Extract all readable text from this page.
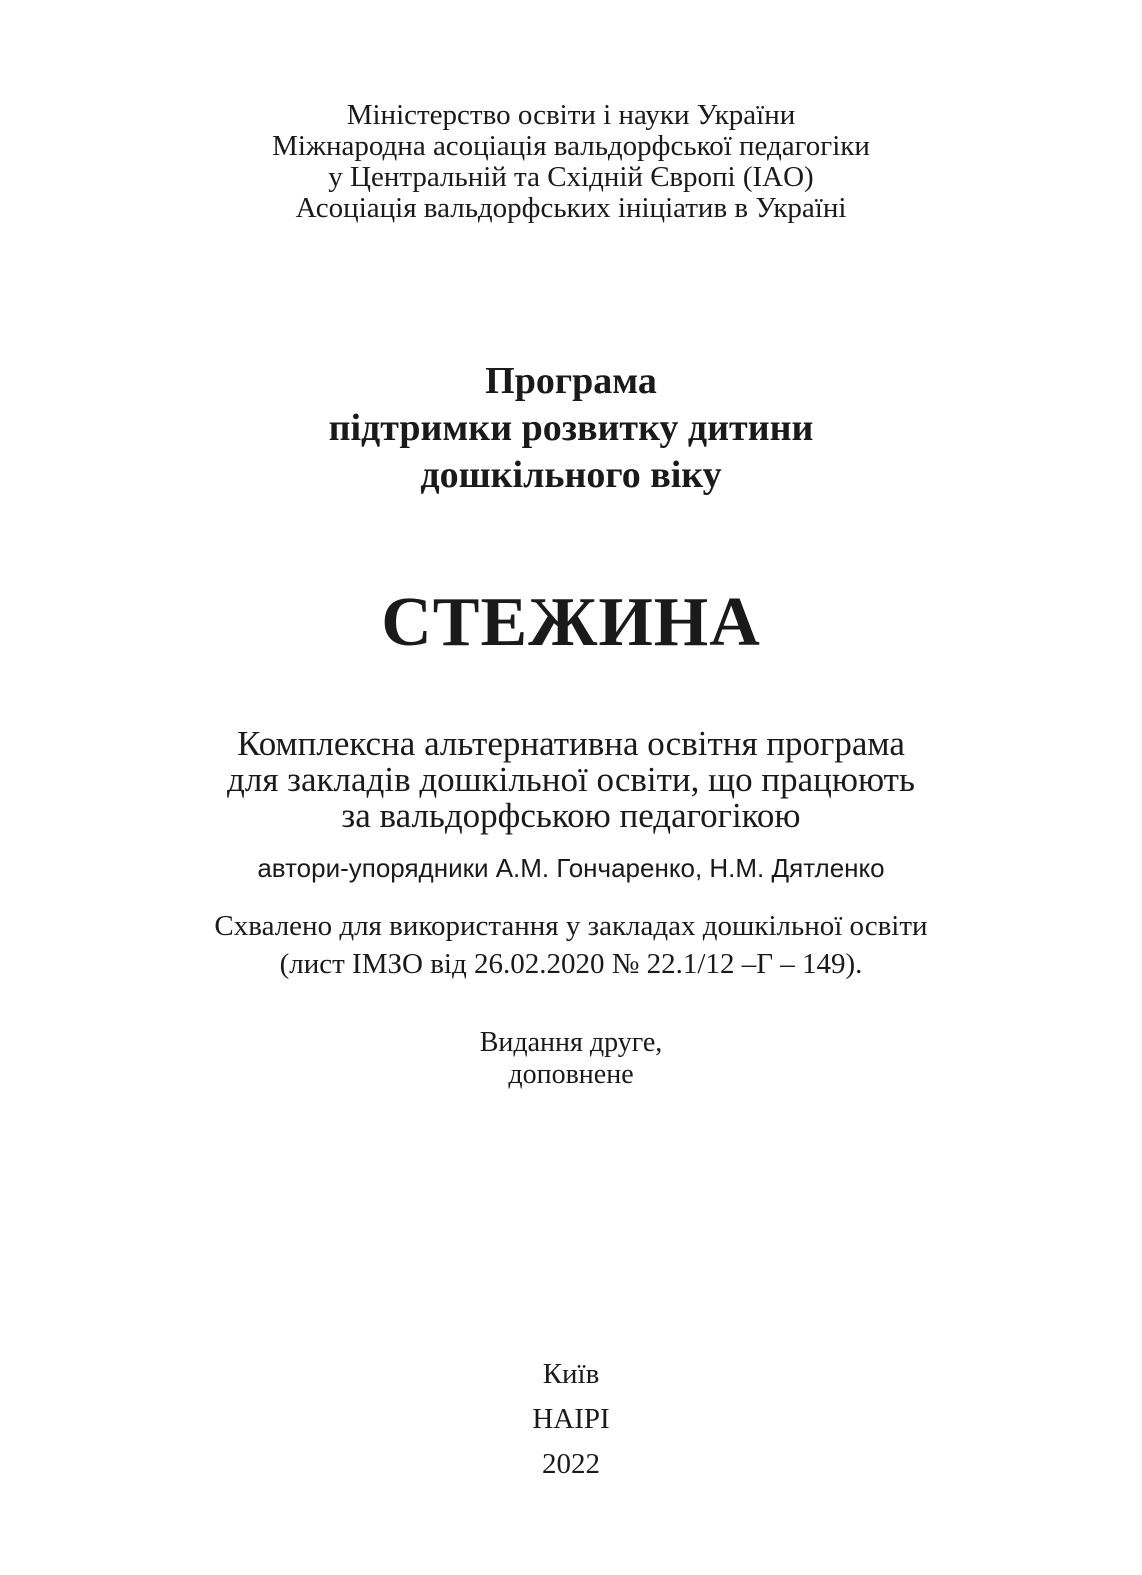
Міністерство освіти і науки України
Міжнародна асоціація вальдорфської педагогіки
у Центральній та Східній Європі (IAO)
Асоціація вальдорфських ініціатив в Україні
Програма
підтримки розвитку дитини
дошкільного віку
СТЕЖИНА
Комплексна альтернативна освітня програма
для закладів дошкільної освіти, що працюють
за вальдорфською педагогікою
автори-упорядники А.М. Гончаренко, Н.М. Дятленко
Схвалено для використання у закладах дошкільної освіти
(лист ІМЗО від 26.02.2020 № 22.1/12 –Г – 149).
Видання друге,
доповнене
Київ
НАІРІ
2022
